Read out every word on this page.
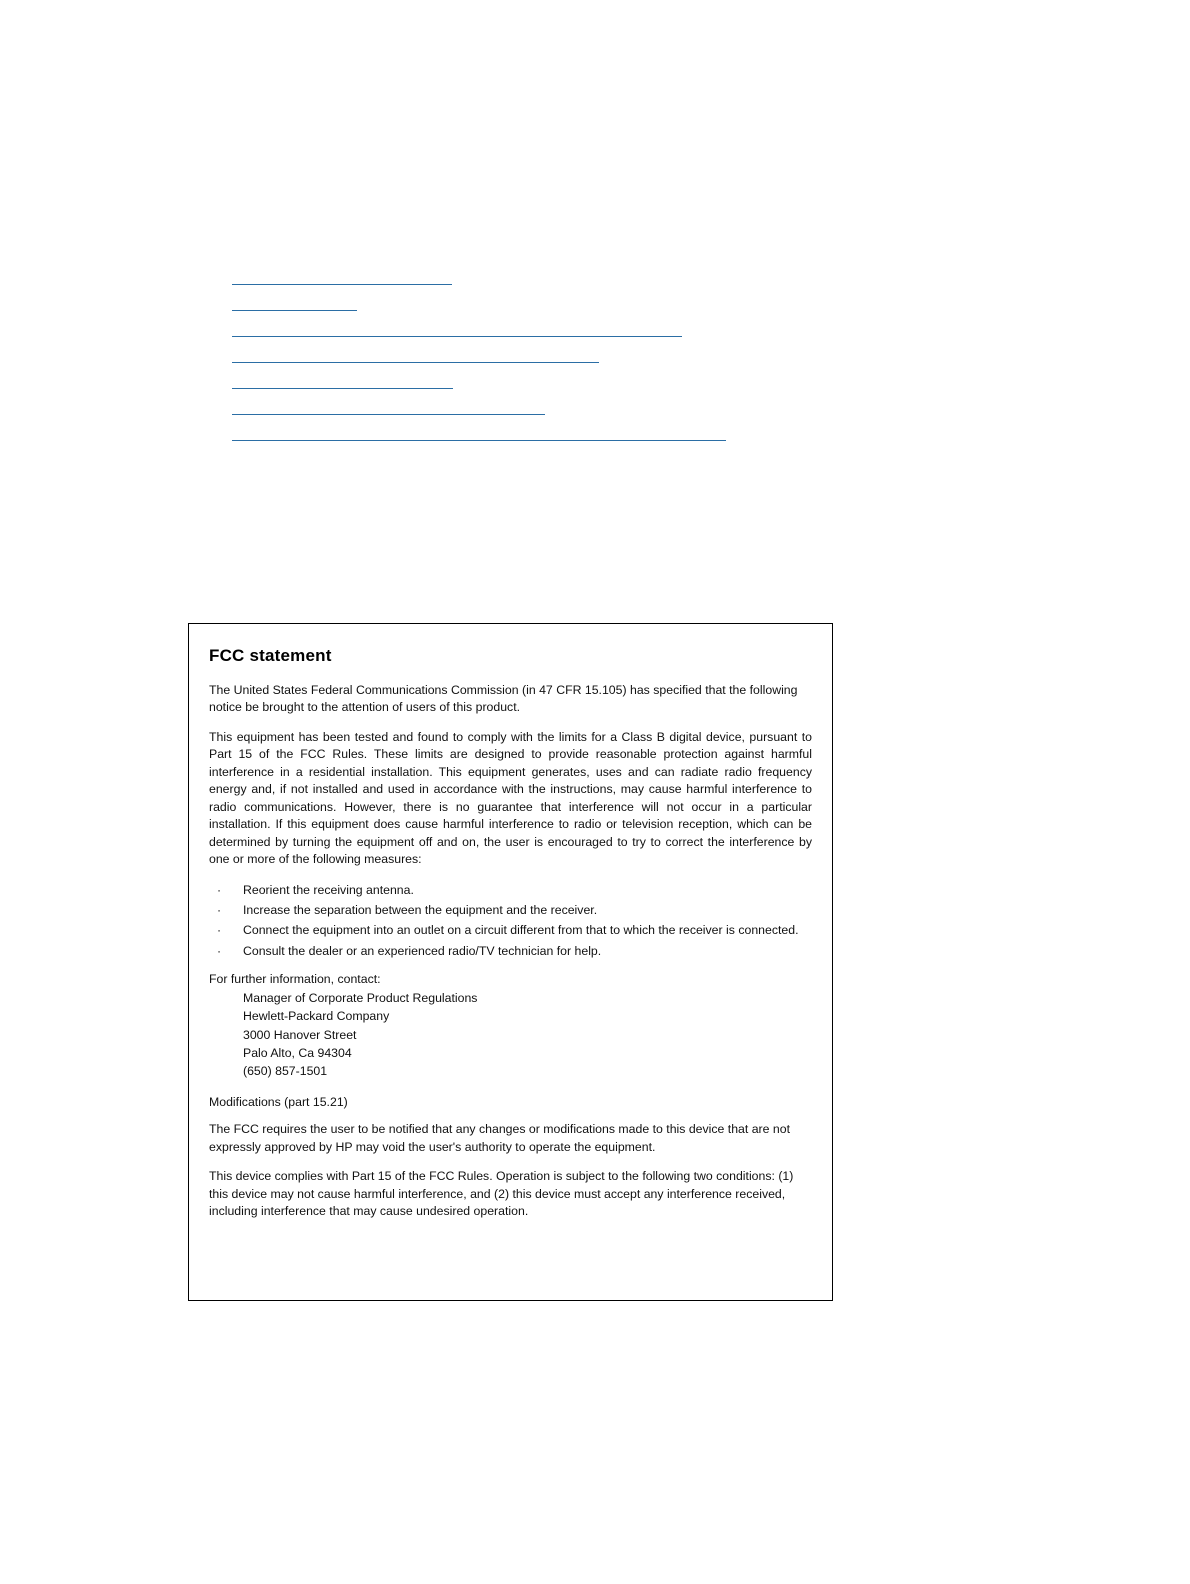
FCC statement

The United States Federal Communications Commission (in 47 CFR 15.105) has specified that the following notice be brought to the attention of users of this product.

This equipment has been tested and found to comply with the limits for a Class B digital device, pursuant to Part 15 of the FCC Rules. These limits are designed to provide reasonable protection against harmful interference in a residential installation. This equipment generates, uses and can radiate radio frequency energy and, if not installed and used in accordance with the instructions, may cause harmful interference to radio communications. However, there is no guarantee that interference will not occur in a particular installation. If this equipment does cause harmful interference to radio or television reception, which can be determined by turning the equipment off and on, the user is encouraged to try to correct the interference by one or more of the following measures:

· Reorient the receiving antenna.
· Increase the separation between the equipment and the receiver.
· Connect the equipment into an outlet on a circuit different from that to which the receiver is connected.
· Consult the dealer or an experienced radio/TV technician for help.

For further information, contact:

Manager of Corporate Product Regulations
Hewlett-Packard Company
3000 Hanover Street
Palo Alto, Ca 94304
(650) 857-1501

Modifications (part 15.21)

The FCC requires the user to be notified that any changes or modifications made to this device that are not expressly approved by HP may void the user's authority to operate the equipment.

This device complies with Part 15 of the FCC Rules. Operation is subject to the following two conditions: (1) this device may not cause harmful interference, and (2) this device must accept any interference received, including interference that may cause undesired operation.
